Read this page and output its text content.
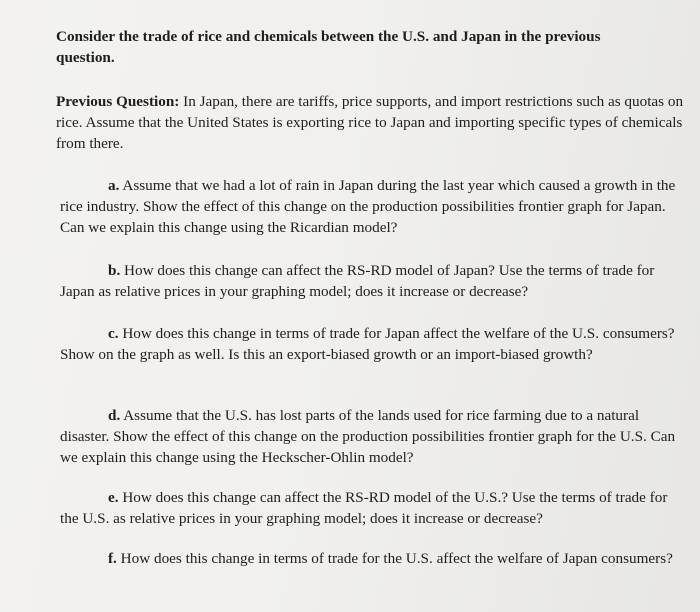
Consider the trade of rice and chemicals between the U.S. and Japan in the previous question.
Previous Question: In Japan, there are tariffs, price supports, and import restrictions such as quotas on rice. Assume that the United States is exporting rice to Japan and importing specific types of chemicals from there.
a. Assume that we had a lot of rain in Japan during the last year which caused a growth in the rice industry. Show the effect of this change on the production possibilities frontier graph for Japan. Can we explain this change using the Ricardian model?
b. How does this change can affect the RS-RD model of Japan? Use the terms of trade for Japan as relative prices in your graphing model; does it increase or decrease?
c. How does this change in terms of trade for Japan affect the welfare of the U.S. consumers? Show on the graph as well. Is this an export-biased growth or an import-biased growth?
d. Assume that the U.S. has lost parts of the lands used for rice farming due to a natural disaster. Show the effect of this change on the production possibilities frontier graph for the U.S. Can we explain this change using the Heckscher-Ohlin model?
e. How does this change can affect the RS-RD model of the U.S.? Use the terms of trade for the U.S. as relative prices in your graphing model; does it increase or decrease?
f. How does this change in terms of trade for the U.S. affect the welfare of Japan consumers?
